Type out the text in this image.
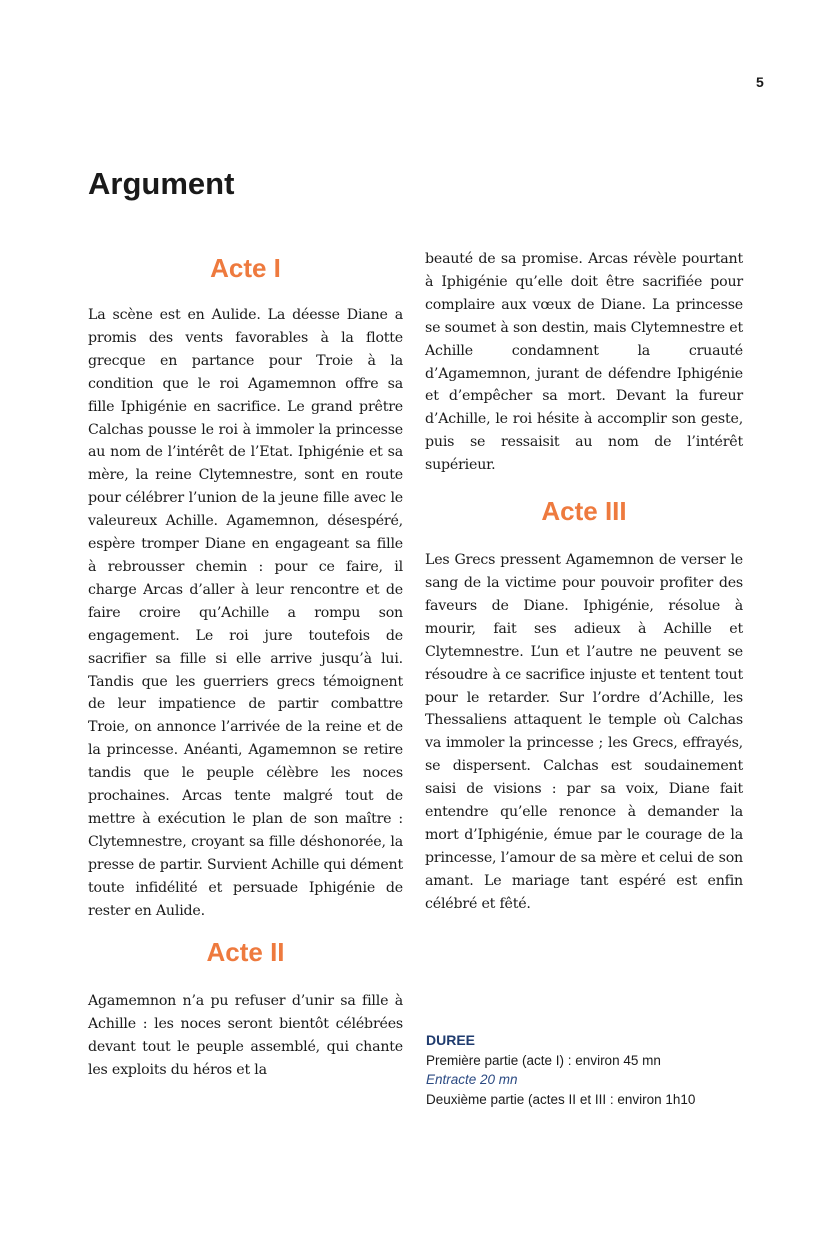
5
Argument
Acte I

La scène est en Aulide. La déesse Diane a promis des vents favorables à la flotte grecque en partance pour Troie à la condition que le roi Agamemnon offre sa fille Iphigénie en sacrifice. Le grand prêtre Calchas pousse le roi à immoler la princesse au nom de l’intérêt de l’Etat. Iphigénie et sa mère, la reine Clytemnestre, sont en route pour célébrer l’union de la jeune fille avec le valeureux Achille. Agamemnon, désespéré, espère tromper Diane en engageant sa fille à rebrousser chemin : pour ce faire, il charge Arcas d’aller à leur rencontre et de faire croire qu’Achille a rompu son engagement. Le roi jure toutefois de sacrifier sa fille si elle arrive jusqu’à lui. Tandis que les guerriers grecs témoignent de leur impatience de partir combattre Troie, on annonce l’arrivée de la reine et de la princesse. Anéanti, Agamemnon se retire tandis que le peuple célèbre les noces prochaines. Arcas tente malgré tout de mettre à exécution le plan de son maître : Clytemnestre, croyant sa fille déshonorée, la presse de partir. Survient Achille qui dément toute infidélité et persuade Iphigénie de rester en Aulide.

Acte II

Agamemnon n’a pu refuser d’unir sa fille à Achille : les noces seront bientôt célébrées devant tout le peuple assemblé, qui chante les exploits du héros et la

beauté de sa promise. Arcas révèle pourtant à Iphigénie qu’elle doit être sacrifiée pour complaire aux vœux de Diane. La princesse se soumet à son destin, mais Clytemnestre et Achille condamnent la cruauté d’Agamemnon, jurant de défendre Iphigénie et d’empêcher sa mort. Devant la fureur d’Achille, le roi hésite à accomplir son geste, puis se ressaisit au nom de l’intérêt supérieur.

Acte III

Les Grecs pressent Agamemnon de verser le sang de la victime pour pouvoir profiter des faveurs de Diane. Iphigénie, résolue à mourir, fait ses adieux à Achille et Clytemnestre. L’un et l’autre ne peuvent se résoudre à ce sacrifice injuste et tentent tout pour le retarder. Sur l’ordre d’Achille, les Thessaliens attaquent le temple où Calchas va immoler la princesse ; les Grecs, effrayés, se dispersent. Calchas est soudainement saisi de visions : par sa voix, Diane fait entendre qu’elle renonce à demander la mort d’Iphigénie, émue par le courage de la princesse, l’amour de sa mère et celui de son amant. Le mariage tant espéré est enfin célébré et fêté.

DUREE
Première partie (acte I) : environ 45 mn
Entracte 20 mn
Deuxième partie (actes II et III : environ 1h10
